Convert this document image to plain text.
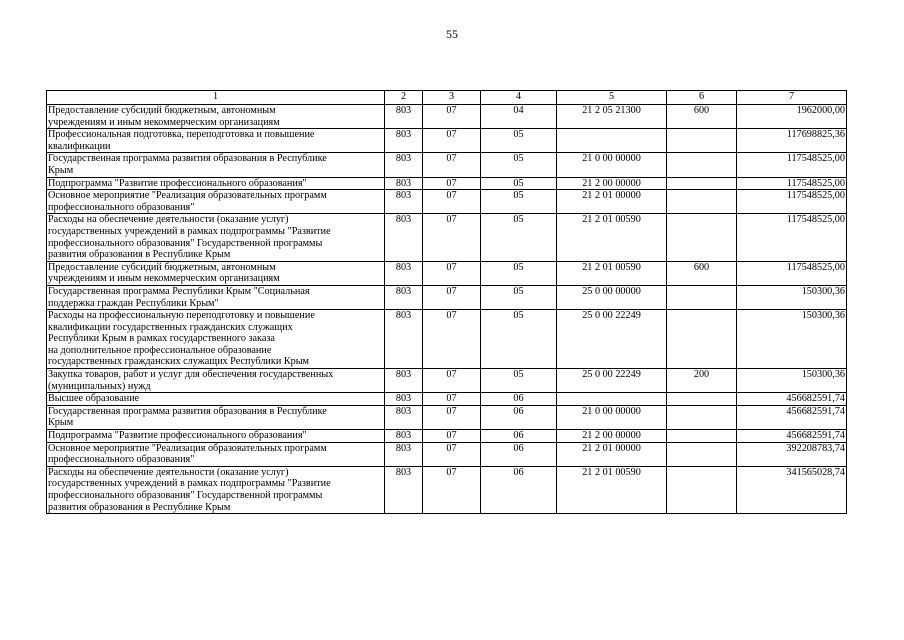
55
1	2	3	4	5	6	7
Предоставление субсидий бюджетным, автономным
учреждениям и иным некоммерческим организациям	803	07	04	21 2 05 21300	600	1962000,00
Профессиональная подготовка, переподготовка и повышение
квалификации	803	07	05			117698825,36
Государственная программа развития образования в Республике
Крым	803	07	05	21 0 00 00000		117548525,00
Подпрограмма "Развитие профессионального образования"	803	07	05	21 2 00 00000		117548525,00
Основное мероприятие "Реализация образовательных программ
профессионального образования"	803	07	05	21 2 01 00000		117548525,00
Расходы на обеспечение деятельности (оказание услуг)
государственных учреждений в рамках подпрограммы "Развитие
профессионального образования" Государственной программы
развития образования в Республике Крым	803	07	05	21 2 01 00590		117548525,00
Предоставление субсидий бюджетным, автономным
учреждениям и иным некоммерческим организациям	803	07	05	21 2 01 00590	600	117548525,00
Государственная программа Республики Крым "Социальная
поддержка граждан Республики Крым"	803	07	05	25 0 00 00000		150300,36
Расходы на профессиональную переподготовку и повышение
квалификации государственных гражданских служащих
Республики Крым в рамках государственного заказа
на дополнительное профессиональное образование
государственных гражданских служащих Республики Крым	803	07	05	25 0 00 22249		150300,36
Закупка товаров, работ и услуг для обеспечения государственных
(муниципальных) нужд	803	07	05	25 0 00 22249	200	150300,36
Высшее образование	803	07	06			456682591,74
Государственная программа развития образования в Республике
Крым	803	07	06	21 0 00 00000		456682591,74
Подпрограмма "Развитие профессионального образования"	803	07	06	21 2 00 00000		456682591,74
Основное мероприятие "Реализация образовательных программ
профессионального образования"	803	07	06	21 2 01 00000		392208783,74
Расходы на обеспечение деятельности (оказание услуг)
государственных учреждений в рамках подпрограммы "Развитие
профессионального образования" Государственной программы
развития образования в Республике Крым	803	07	06	21 2 01 00590		341565028,74
